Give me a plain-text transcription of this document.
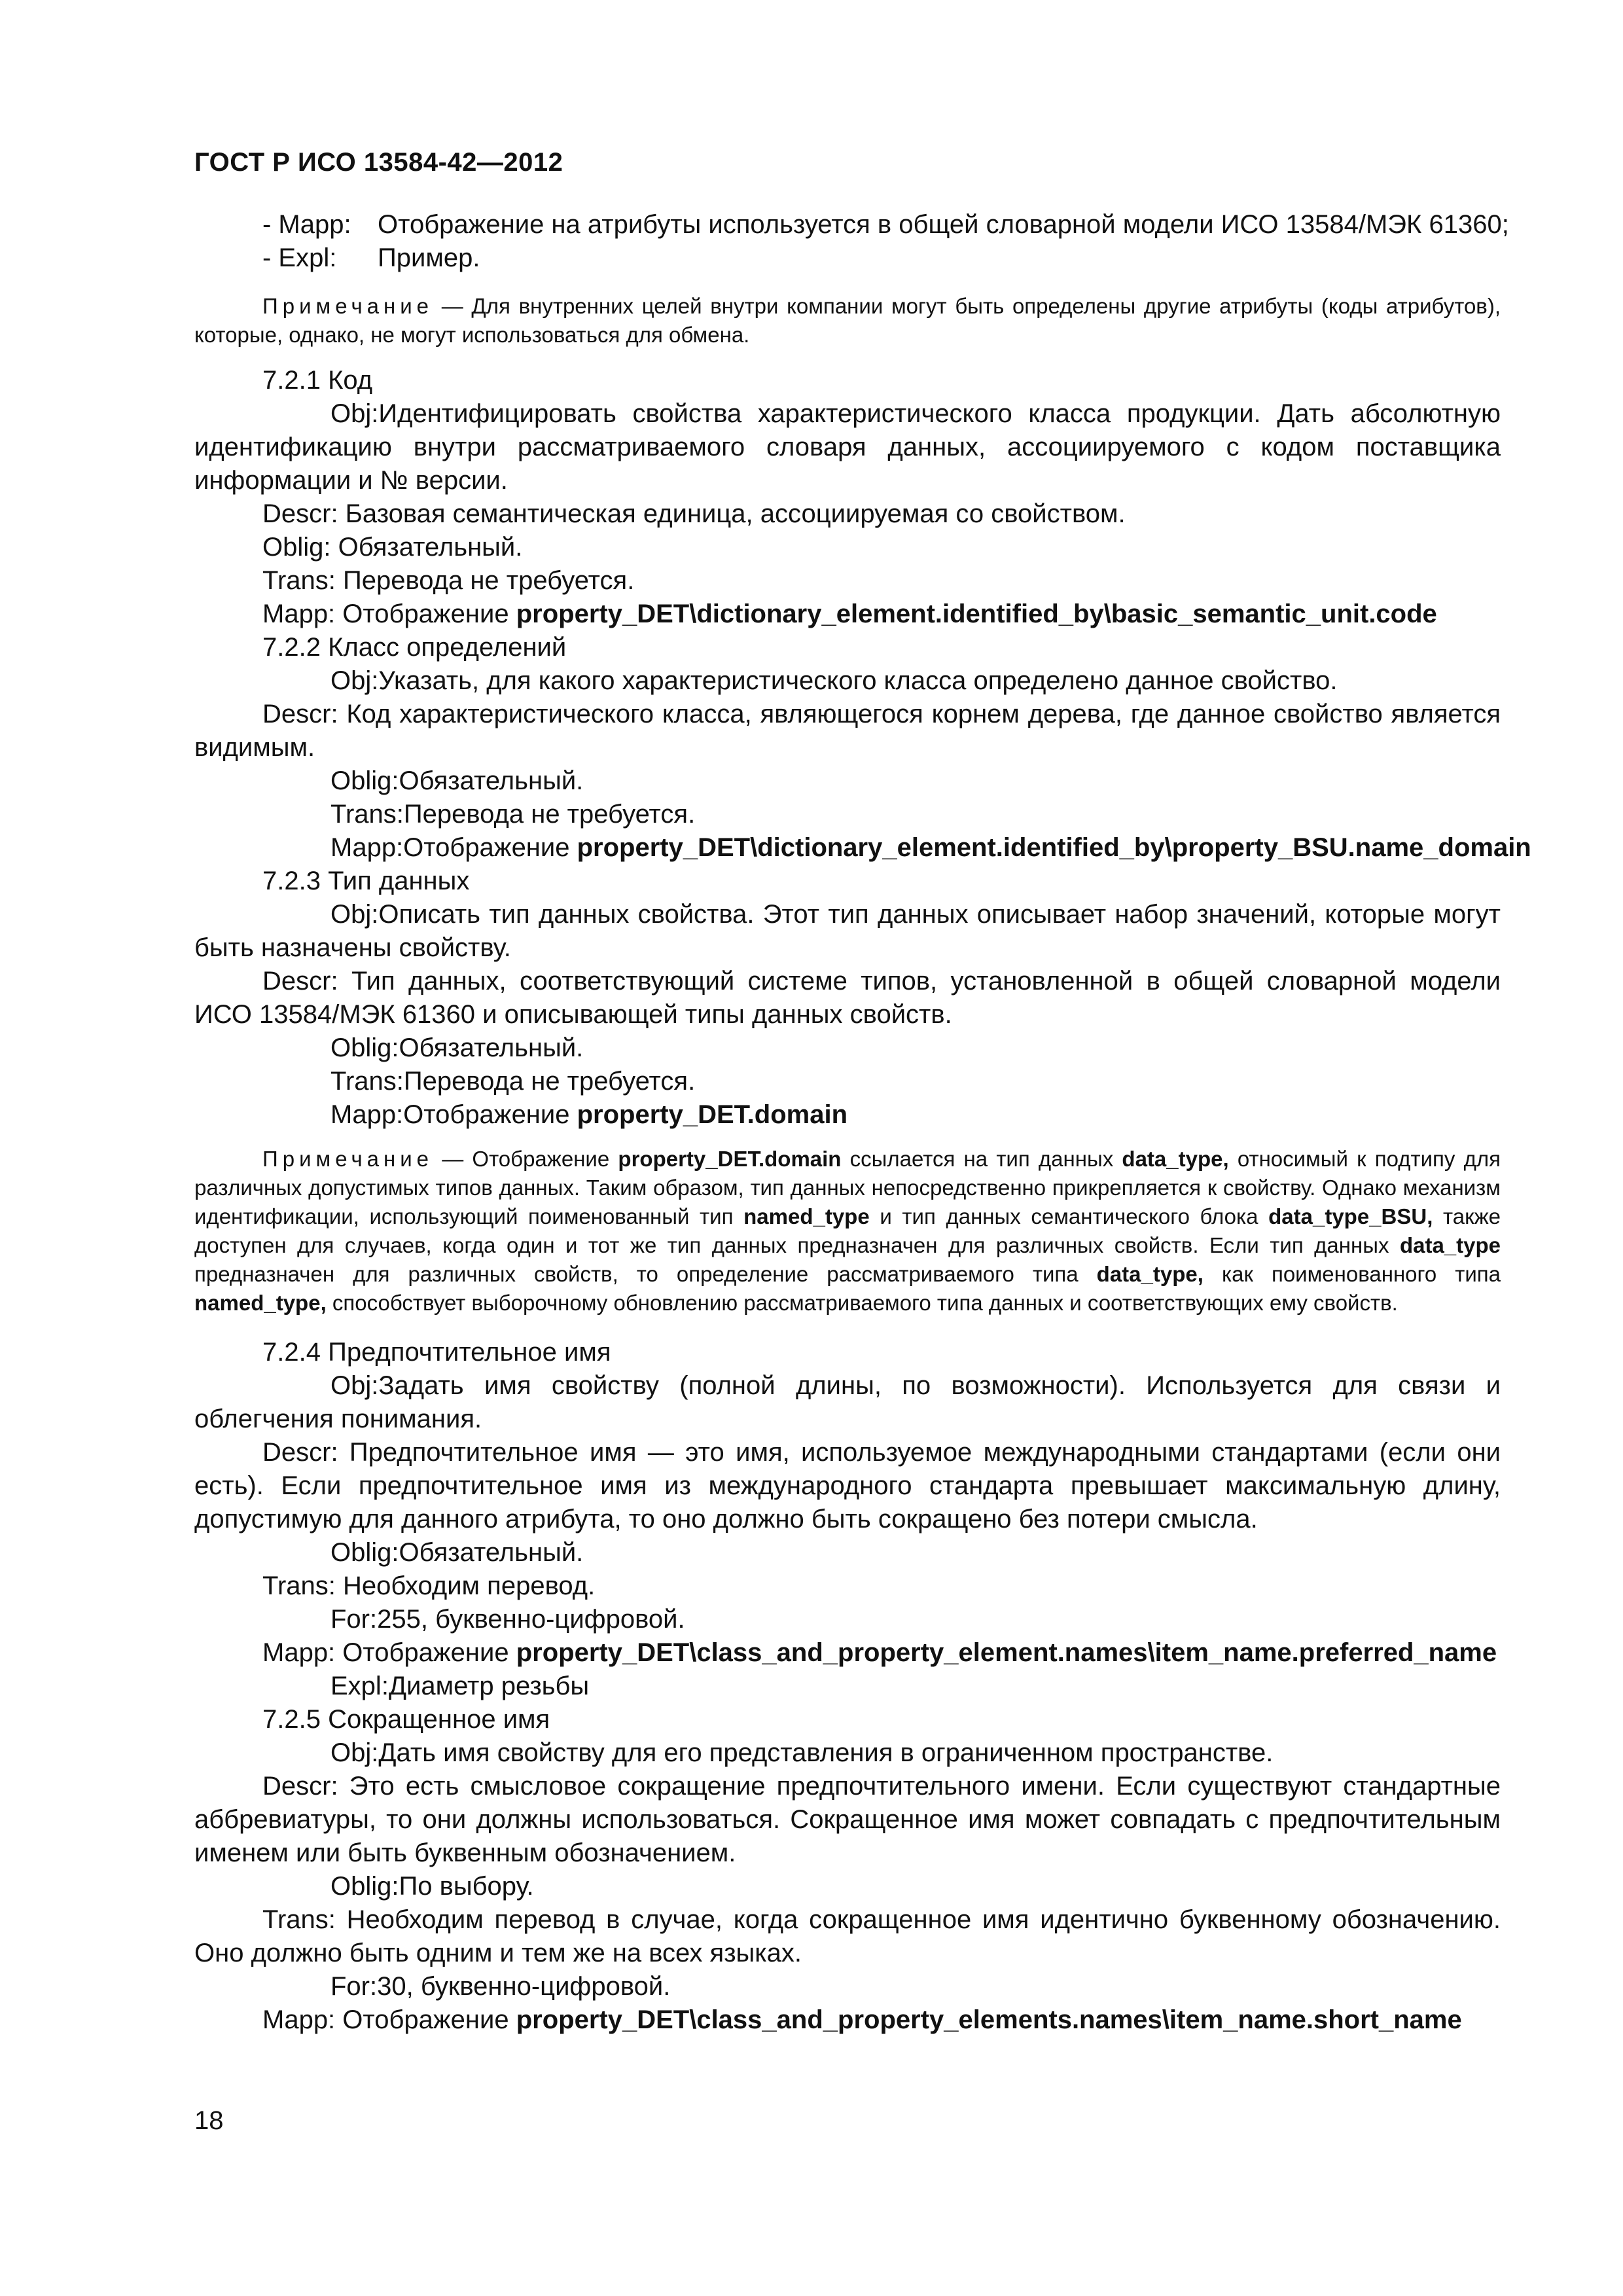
ГОСТ Р ИСО 13584-42—2012

- Mapp: Отображение на атрибуты используется в общей словарной модели ИСО 13584/МЭК 61360;

- Expl: Пример.

Примечание — Для внутренних целей внутри компании могут быть определены другие атрибуты (коды атрибутов), которые, однако, не могут использоваться для обмена.

7.2.1 Код

Obj:Идентифицировать свойства характеристического класса продукции. Дать абсолютную идентификацию внутри рассматриваемого словаря данных, ассоциируемого с кодом поставщика информации и № версии.

Descr: Базовая семантическая единица, ассоциируемая со свойством.

Oblig: Обязательный.

Trans: Перевода не требуется.

Mapp: Отображение property_DET\dictionary_element.identified_by\basic_semantic_unit.code

7.2.2 Класс определений

Obj:Указать, для какого характеристического класса определено данное свойство.

Descr: Код характеристического класса, являющегося корнем дерева, где данное свойство является видимым.

Oblig:Обязательный.

Trans:Перевода не требуется.

Mapp:Отображение property_DET\dictionary_element.identified_by\property_BSU.name_domain

7.2.3 Тип данных

Obj:Описать тип данных свойства. Этот тип данных описывает набор значений, которые могут быть назначены свойству.

Descr: Тип данных, соответствующий системе типов, установленной в общей словарной модели ИСО 13584/МЭК 61360 и описывающей типы данных свойств.

Oblig:Обязательный.

Trans:Перевода не требуется.

Mapp:Отображение property_DET.domain

Примечание — Отображение property_DET.domain ссылается на тип данных data_type, относимый к подтипу для различных допустимых типов данных. Таким образом, тип данных непосредственно прикрепляется к свойству. Однако механизм идентификации, использующий поименованный тип named_type и тип данных семантического блока data_type_BSU, также доступен для случаев, когда один и тот же тип данных предназначен для различных свойств. Если тип данных data_type предназначен для различных свойств, то определение рассматриваемого типа data_type, как поименованного типа named_type, способствует выборочному обновлению рассматриваемого типа данных и соответствующих ему свойств.

7.2.4 Предпочтительное имя

Obj:Задать имя свойству (полной длины, по возможности). Используется для связи и облегчения понимания.

Descr: Предпочтительное имя — это имя, используемое международными стандартами (если они есть). Если предпочтительное имя из международного стандарта превышает максимальную длину, допустимую для данного атрибута, то оно должно быть сокращено без потери смысла.

Oblig:Обязательный.

Trans: Необходим перевод.

For:255, буквенно-цифровой.

Mapp: Отображение property_DET\class_and_property_element.names\item_name.preferred_name

Expl:Диаметр резьбы

7.2.5 Сокращенное имя

Obj:Дать имя свойству для его представления в ограниченном пространстве.

Descr: Это есть смысловое сокращение предпочтительного имени. Если существуют стандартные аббревиатуры, то они должны использоваться. Сокращенное имя может совпадать с предпочтительным именем или быть буквенным обозначением.

Oblig:По выбору.

Trans: Необходим перевод в случае, когда сокращенное имя идентично буквенному обозначению. Оно должно быть одним и тем же на всех языках.

For:30, буквенно-цифровой.

Mapp: Отображение property_DET\class_and_property_elements.names\item_name.short_name

18
